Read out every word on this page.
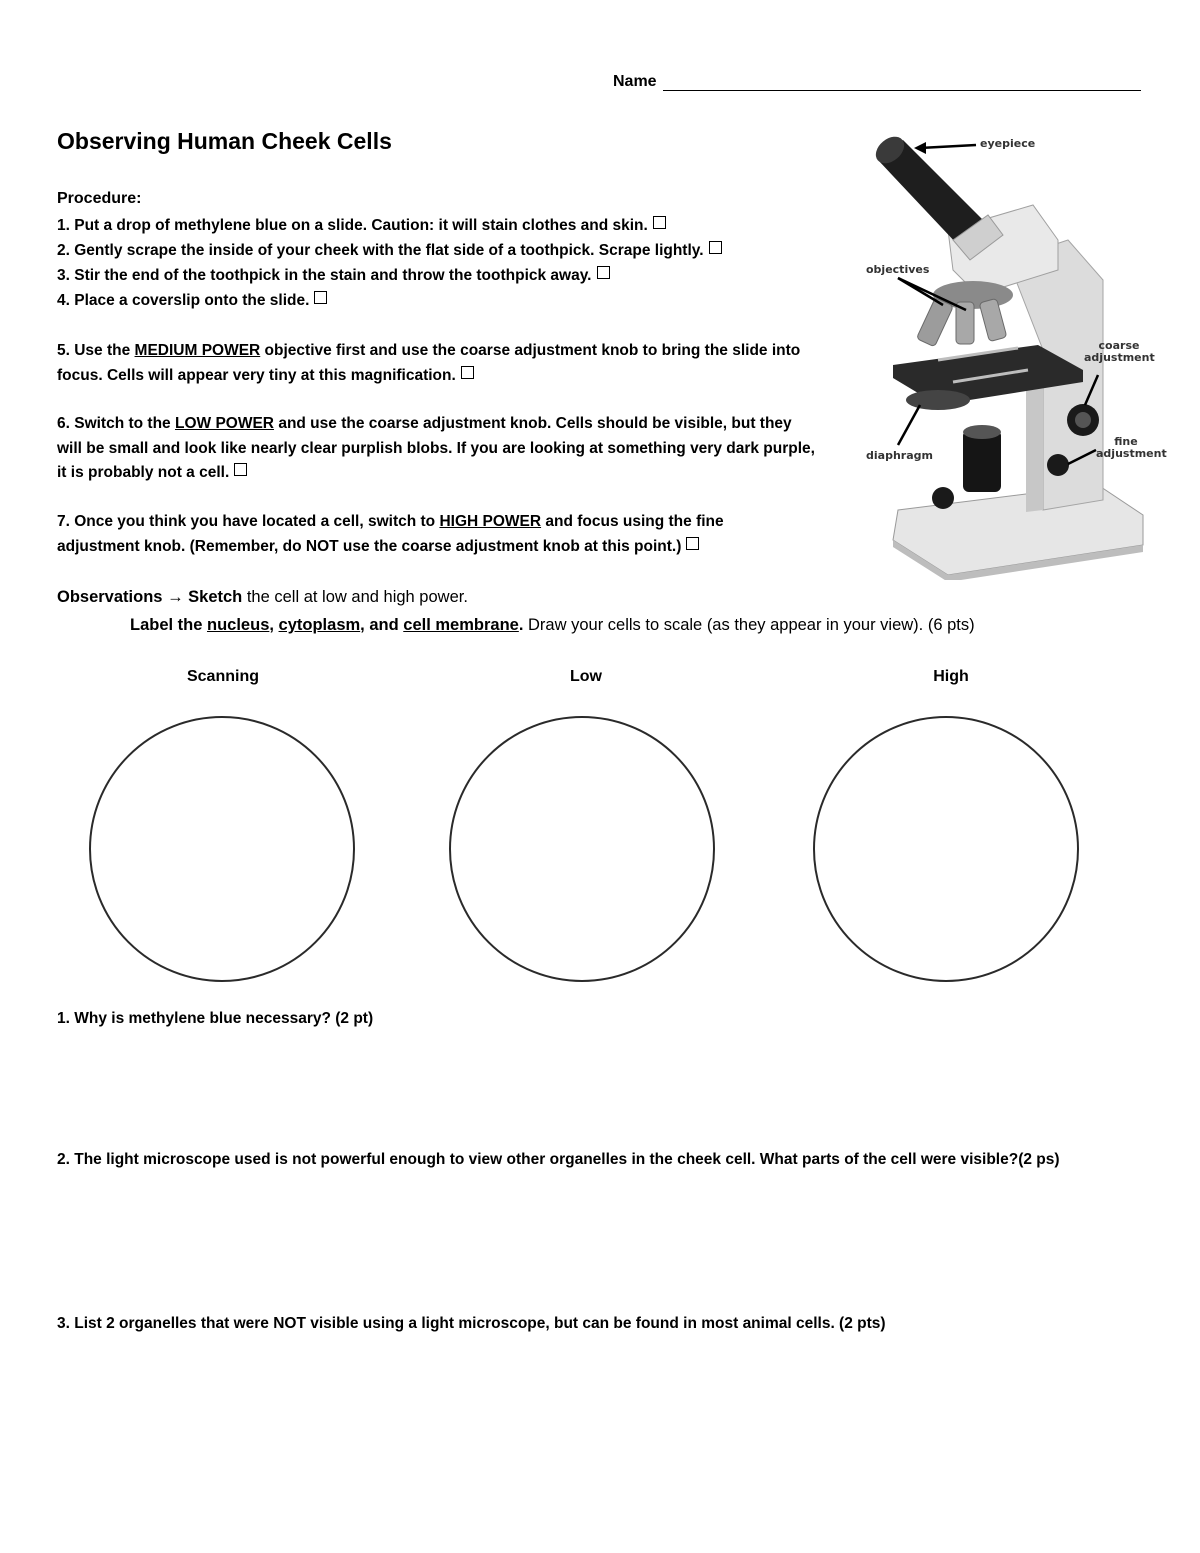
Name
Observing Human Cheek Cells
Procedure:
1. Put a drop of methylene blue on a slide. Caution: it will stain clothes and skin.
2. Gently scrape the inside of your cheek with the flat side of a toothpick. Scrape lightly.
3. Stir the end of the toothpick in the stain and throw the toothpick away.
4. Place a coverslip onto the slide.
5. Use the MEDIUM POWER objective first and use the coarse adjustment knob to bring the slide into focus. Cells will appear very tiny at this magnification.
6. Switch to the LOW POWER and use the coarse adjustment knob. Cells should be visible, but they will be small and look like nearly clear purplish blobs. If you are looking at something very dark purple, it is probably not a cell.
7. Once you think you have located a cell, switch to HIGH POWER and focus using the fine adjustment knob. (Remember, do NOT use the coarse adjustment knob at this point.)
eyepiece
objectives
coarse adjustment
diaphragm
fine adjustment
Observations → Sketch the cell at low and high power.
Label the nucleus, cytoplasm, and cell membrane. Draw your cells to scale (as they appear in your view). (6 pts)
Scanning	Low	High
1. Why is methylene blue necessary? (2 pt)
2. The light microscope used is not powerful enough to view other organelles in the cheek cell. What parts of the cell were visible?(2 ps)
3. List 2 organelles that were NOT visible using a light microscope, but can be found in most animal cells. (2 pts)
